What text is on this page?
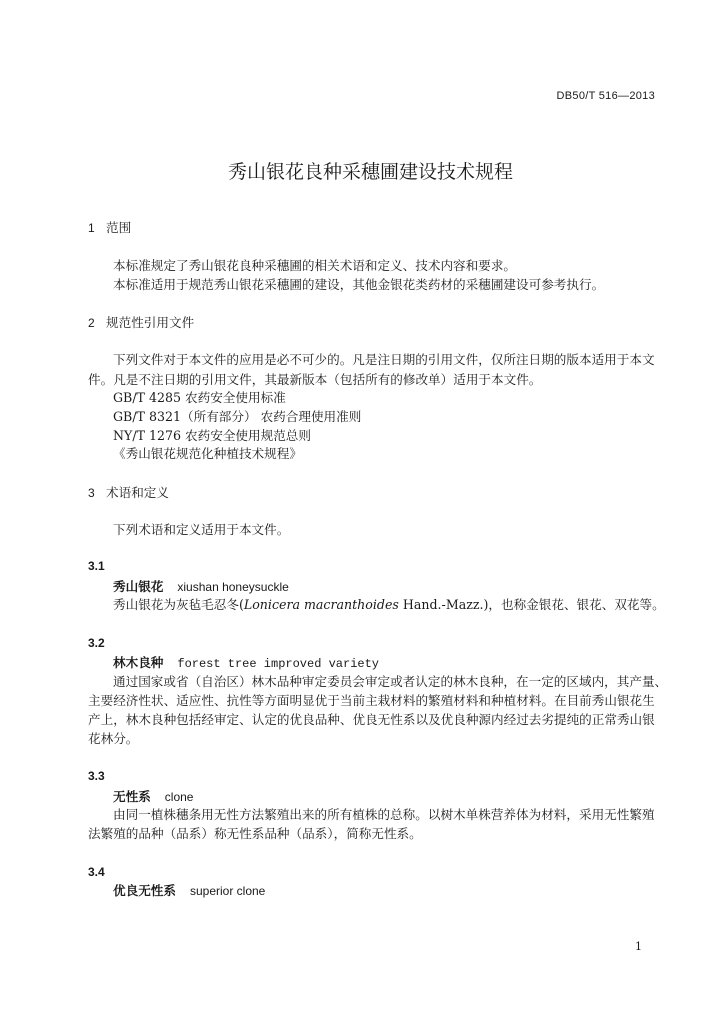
DB50/T 516—2013
秀山银花良种采穗圃建设技术规程
1 范围
本标准规定了秀山银花良种采穗圃的相关术语和定义、技术内容和要求。
本标准适用于规范秀山银花采穗圃的建设，其他金银花类药材的采穗圃建设可参考执行。
2 规范性引用文件
下列文件对于本文件的应用是必不可少的。凡是注日期的引用文件，仅所注日期的版本适用于本文
件。凡是不注日期的引用文件，其最新版本（包括所有的修改单）适用于本文件。
GB/T 4285 农药安全使用标准
GB/T 8321（所有部分） 农药合理使用准则
NY/T 1276 农药安全使用规范总则
《秀山银花规范化种植技术规程》
3 术语和定义
下列术语和定义适用于本文件。
3.1
秀山银花 xiushan honeysuckle
秀山银花为灰毡毛忍冬(Lonicera macranthoides Hand.-Mazz.)，也称金银花、银花、双花等。
3.2
林木良种 forest tree improved variety
通过国家或省（自治区）林木品种审定委员会审定或者认定的林木良种，在一定的区域内，其产量、
主要经济性状、适应性、抗性等方面明显优于当前主栽材料的繁殖材料和种植材料。在目前秀山银花生
产上，林木良种包括经审定、认定的优良品种、优良无性系以及优良种源内经过去劣提纯的正常秀山银
花林分。
3.3
无性系 clone
由同一植株穗条用无性方法繁殖出来的所有植株的总称。以树木单株营养体为材料，采用无性繁殖
法繁殖的品种（品系）称无性系品种（品系），简称无性系。
3.4
优良无性系 superior clone
1
